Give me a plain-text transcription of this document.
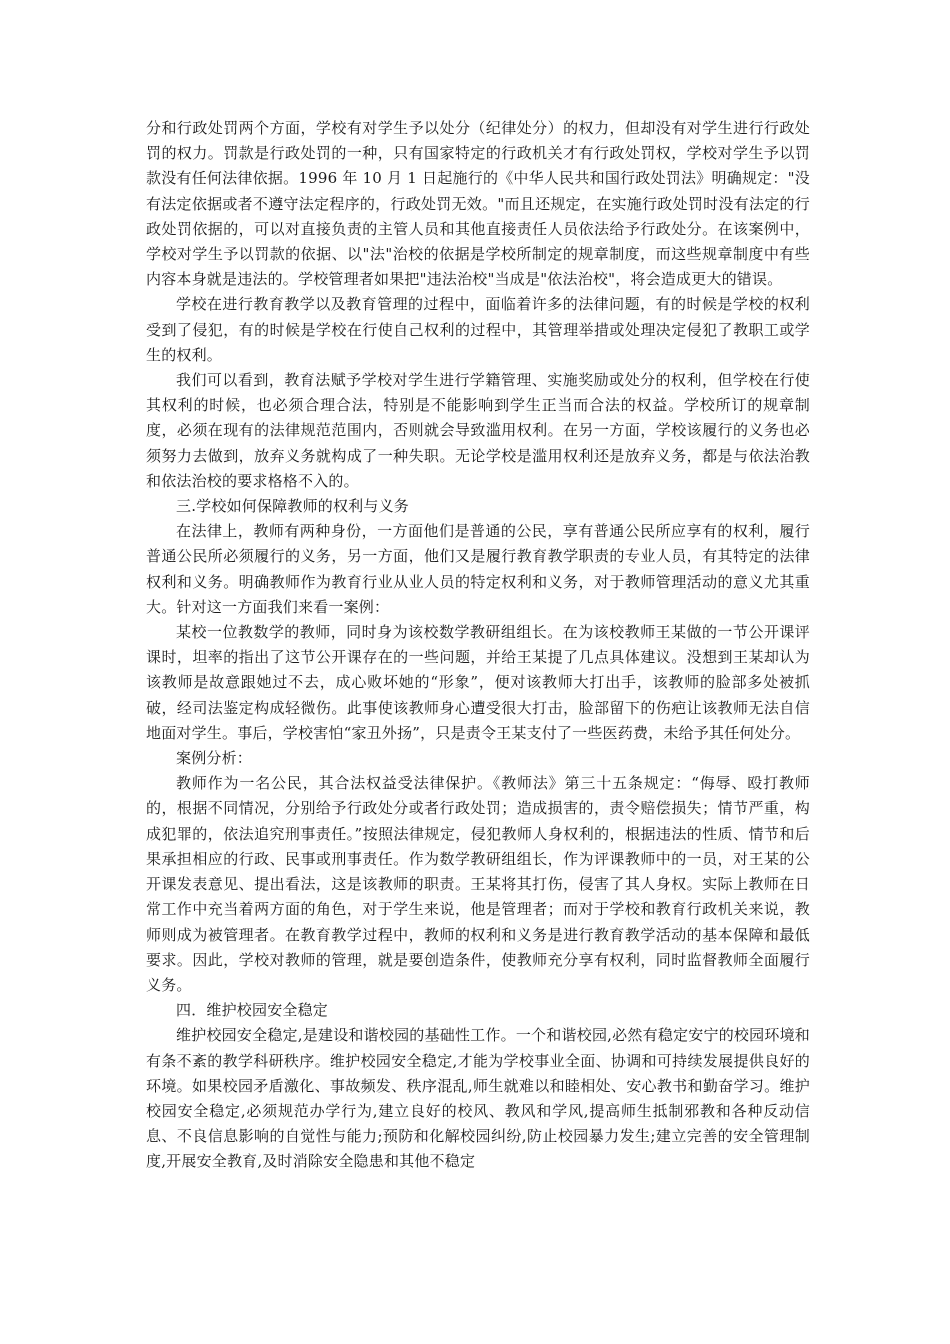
分和行政处罚两个方面，学校有对学生予以处分（纪律处分）的权力，但却没有对学生进行行政处罚的权力。罚款是行政处罚的一种，只有国家特定的行政机关才有行政处罚权，学校对学生予以罚款没有任何法律依据。1996 年 10 月 1 日起施行的《中华人民共和国行政处罚法》明确规定："没有法定依据或者不遵守法定程序的，行政处罚无效。"而且还规定，在实施行政处罚时没有法定的行政处罚依据的，可以对直接负责的主管人员和其他直接责任人员依法给予行政处分。在该案例中，学校对学生予以罚款的依据、以"法"治校的依据是学校所制定的规章制度，而这些规章制度中有些内容本身就是违法的。学校管理者如果把"违法治校"当成是"依法治校"，将会造成更大的错误。

学校在进行教育教学以及教育管理的过程中，面临着许多的法律问题，有的时候是学校的权利受到了侵犯，有的时候是学校在行使自己权利的过程中，其管理举措或处理决定侵犯了教职工或学生的权利。

我们可以看到，教育法赋予学校对学生进行学籍管理、实施奖励或处分的权利，但学校在行使其权利的时候，也必须合理合法，特别是不能影响到学生正当而合法的权益。学校所订的规章制度，必须在现有的法律规范范围内，否则就会导致滥用权利。在另一方面，学校该履行的义务也必须努力去做到，放弃义务就构成了一种失职。无论学校是滥用权利还是放弃义务，都是与依法治教和依法治校的要求格格不入的。

三.学校如何保障教师的权利与义务

在法律上，教师有两种身份，一方面他们是普通的公民，享有普通公民所应享有的权利，履行普通公民所必须履行的义务，另一方面，他们又是履行教育教学职责的专业人员，有其特定的法律权利和义务。明确教师作为教育行业从业人员的特定权利和义务，对于教师管理活动的意义尤其重大。针对这一方面我们来看一案例：

某校一位教数学的教师，同时身为该校数学教研组组长。在为该校教师王某做的一节公开课评课时，坦率的指出了这节公开课存在的一些问题，并给王某提了几点具体建议。没想到王某却认为该教师是故意跟她过不去，成心败坏她的“形象”，便对该教师大打出手，该教师的脸部多处被抓破，经司法鉴定构成轻微伤。此事使该教师身心遭受很大打击，脸部留下的伤疤让该教师无法自信地面对学生。事后，学校害怕“家丑外扬”，只是责令王某支付了一些医药费，未给予其任何处分。

案例分析：

教师作为一名公民，其合法权益受法律保护。《教师法》第三十五条规定：“侮辱、殴打教师的，根据不同情况，分别给予行政处分或者行政处罚；造成损害的，责令赔偿损失；情节严重，构成犯罪的，依法追究刑事责任。”按照法律规定，侵犯教师人身权利的，根据违法的性质、情节和后果承担相应的行政、民事或刑事责任。作为数学教研组组长，作为评课教师中的一员，对王某的公开课发表意见、提出看法，这是该教师的职责。王某将其打伤，侵害了其人身权。实际上教师在日常工作中充当着两方面的角色，对于学生来说，他是管理者；而对于学校和教育行政机关来说，教师则成为被管理者。在教育教学过程中，教师的权利和义务是进行教育教学活动的基本保障和最低要求。因此，学校对教师的管理，就是要创造条件，使教师充分享有权利，同时监督教师全面履行义务。

四．维护校园安全稳定

维护校园安全稳定,是建设和谐校园的基础性工作。一个和谐校园,必然有稳定安宁的校园环境和有条不紊的教学科研秩序。维护校园安全稳定,才能为学校事业全面、协调和可持续发展提供良好的环境。如果校园矛盾激化、事故频发、秩序混乱,师生就难以和睦相处、安心教书和勤奋学习。维护校园安全稳定,必须规范办学行为,建立良好的校风、教风和学风,提高师生抵制邪教和各种反动信息、不良信息影响的自觉性与能力;预防和化解校园纠纷,防止校园暴力发生;建立完善的安全管理制度,开展安全教育,及时消除安全隐患和其他不稳定
